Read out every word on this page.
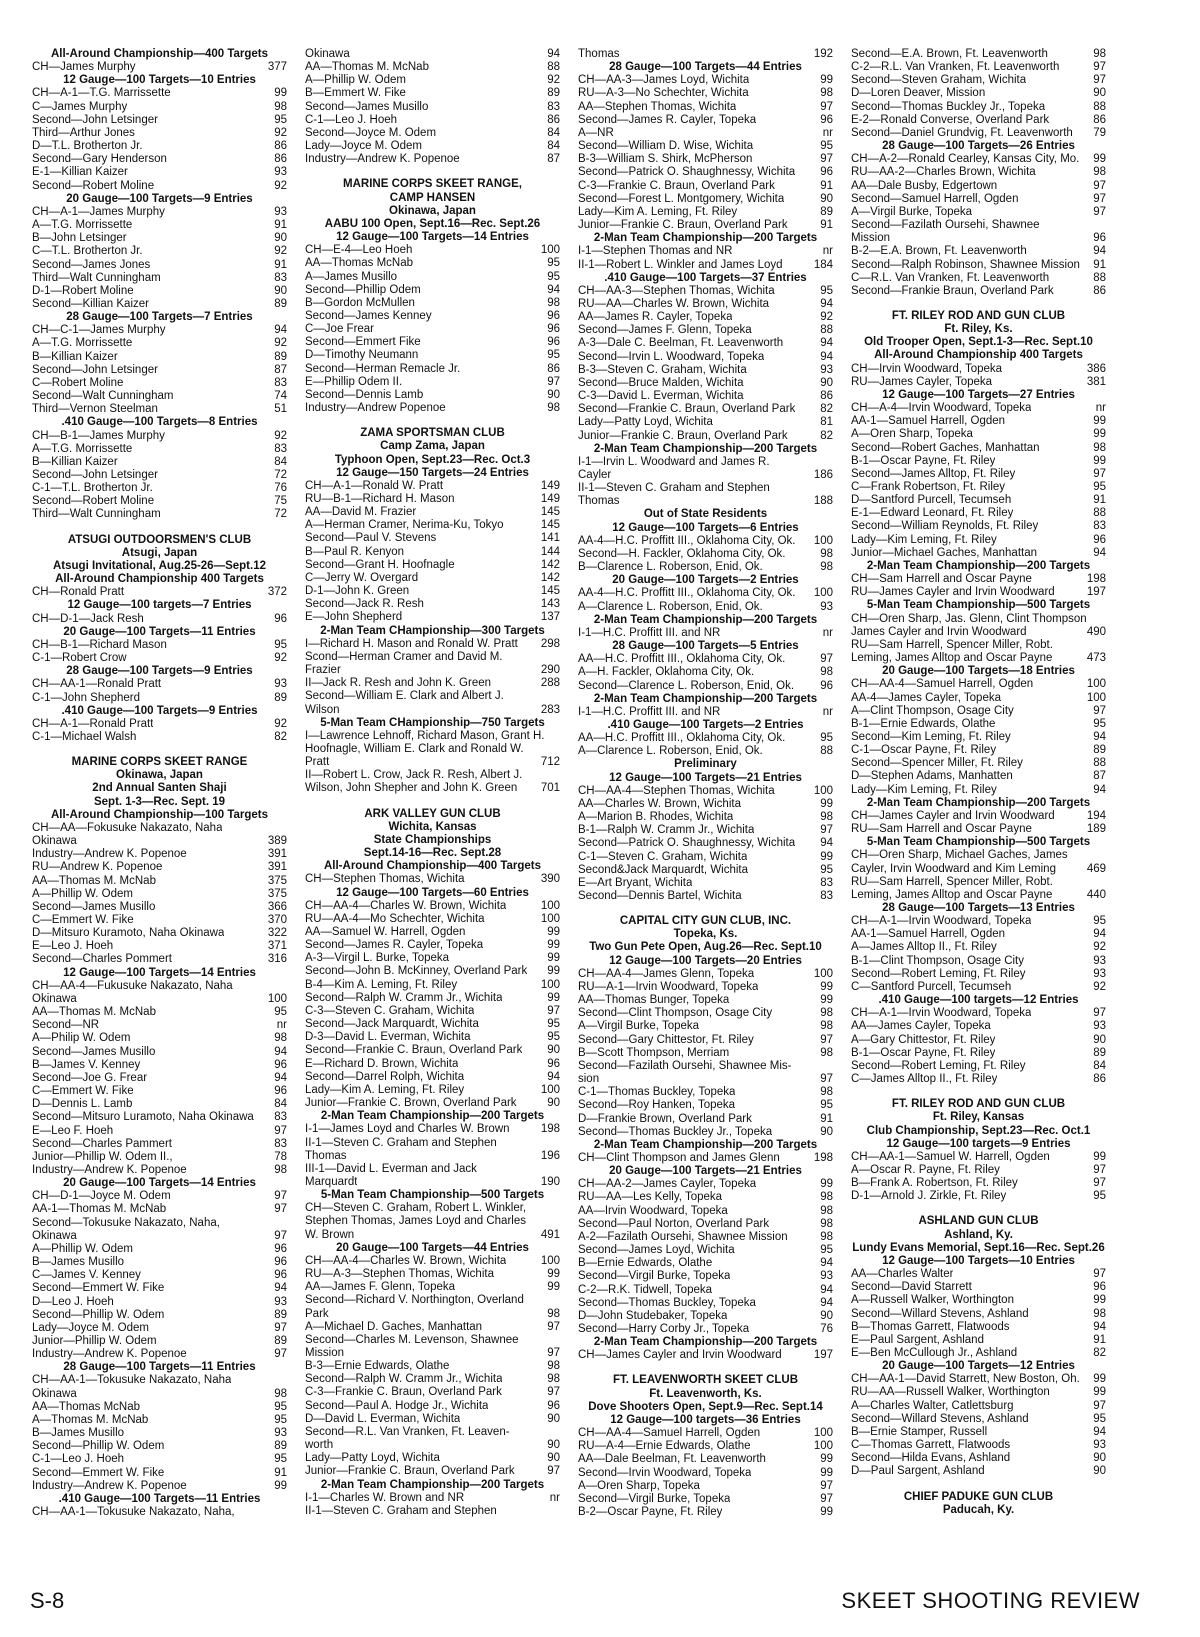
All-Around Championship—400 Targets
CH—James Murphy	377
12 Gauge—100 Targets—10 Entries
CH—A-1—T.G. Marrissette	99
C—James Murphy	98
Second—John Letsinger	95
Third—Arthur Jones	92
D—T.L. Brotherton Jr.	86
Second—Gary Henderson	86
E-1—Killian Kaizer	93
Second—Robert Moline	92
20 Gauge—100 Targets—9 Entries
CH—A-1—James Murphy	93
A—T.G. Morrissette	91
B—John Letsinger	90
C—T.L. Brotherton Jr.	92
Second—James Jones	91
Third—Walt Cunningham	83
D-1—Robert Moline	90
Second—Killian Kaizer	89
28 Gauge—100 Targets—7 Entries
CH—C-1—James Murphy	94
A—T.G. Morrissette	92
B—Killian Kaizer	89
Second—John Letsinger	87
C—Robert Moline	83
Second—Walt Cunningham	74
Third—Vernon Steelman	51
.410 Gauge—100 Targets—8 Entries
CH—B-1—James Murphy	92
A—T.G. Morrissette	83
B—Killian Kaizer	84
Second—John Letsinger	72
C-1—T.L. Brotherton Jr.	76
Second—Robert Moline	75
Third—Walt Cunningham	72
ATSUGI OUTDOORSMEN'S CLUB
Atsugi, Japan
Atsugi Invitational, Aug.25-26—Sept.12
All-Around Championship 400 Targets
CH—Ronald Pratt	372
12 Gauge—100 targets—7 Entries
CH—D-1—Jack Resh	96
20 Gauge—100 Targets—11 Entries
CH—B-1—Richard Mason	95
C-1—Robert Crow	92
28 Gauge—100 Targets—9 Entries
CH—AA-1—Ronald Pratt	93
C-1—John Shepherd	89
.410 Gauge—100 Targets—9 Entries
CH—A-1—Ronald Pratt	92
C-1—Michael Walsh	82
MARINE CORPS SKEET RANGE
Okinawa, Japan
2nd Annual Santen Shaji
Sept. 1-3—Rec. Sept. 19
All-Around Championship—100 Targets
CH—AA—Fokusuke Nakazato, Naha
Okinawa	389
Industry—Andrew K. Popenoe	391
RU—Andrew K. Popenoe	391
AA—Thomas M. McNab	375
A—Phillip W. Odem	375
Second—James Musillo	366
C—Emmert W. Fike	370
D—Mitsuro Kuramoto, Naha Okinawa	322
E—Leo J. Hoeh	371
Second—Charles Pommert	316
12 Gauge—100 Targets—14 Entries
CH—AA-4—Fukusuke Nakazato, Naha
Okinawa	100
AA—Thomas M. McNab	95
Second—NR	nr
A—Philip W. Odem	98
Second—James Musillo	94
B—James V. Kenney	96
Second—Joe G. Frear	94
C—Emmert W. Fike	96
D—Dennis L. Lamb	84
Second—Mitsuro Luramoto, Naha Okinawa	83
E—Leo F. Hoeh	97
Second—Charles Pammert	83
Junior—Phillip W. Odem II.,	78
Industry—Andrew K. Popenoe	98
20 Gauge—100 Targets—14 Entries
CH—D-1—Joyce M. Odem	97
AA-1—Thomas M. McNab	97
Second—Tokusuke Nakazato, Naha,
Okinawa	97
A—Phillip W. Odem	96
B—James Musillo	96
C—James V. Kenney	96
Second—Emmert W. Fike	94
D—Leo J. Hoeh	93
Second—Phillip W. Odem	89
Lady—Joyce M. Odem	97
Junior—Phillip W. Odem	89
Industry—Andrew K. Popenoe	97
28 Gauge—100 Targets—11 Entries
CH—AA-1—Tokusuke Nakazato, Naha
Okinawa	98
AA—Thomas McNab	95
A—Thomas M. McNab	95
B—James Musillo	93
Second—Phillip W. Odem	89
C-1—Leo J. Hoeh	95
Second—Emmert W. Fike	91
Industry—Andrew K. Popenoe	99
.410 Gauge—100 Targets—11 Entries
CH—AA-1—Tokusuke Nakazato, Naha,
Okinawa	94
AA—Thomas M. McNab	88
A—Phillip W. Odem	92
B—Emmert W. Fike	89
Second—James Musillo	83
C-1—Leo J. Hoeh	86
Second—Joyce M. Odem	84
Lady—Joyce M. Odem	84
Industry—Andrew K. Popenoe	87
MARINE CORPS SKEET RANGE,
CAMP HANSEN
Okinawa, Japan
AABU 100 Open, Sept.16—Rec. Sept.26
12 Gauge—100 Targets—14 Entries
CH—E-4—Leo Hoeh	100
AA—Thomas McNab	95
A—James Musillo	95
Second—Phillip Odem	94
B—Gordon McMullen	98
Second—James Kenney	96
C—Joe Frear	96
Second—Emmert Fike	96
D—Timothy Neumann	95
Second—Herman Remacle Jr.	86
E—Phillip Odem II.	97
Second—Dennis Lamb	90
Industry—Andrew Popenoe	98
ZAMA SPORTSMAN CLUB
Camp Zama, Japan
Typhoon Open, Sept.23—Rec. Oct.3
12 Gauge—150 Targets—24 Entries
CH—A-1—Ronald W. Pratt	149
RU—B-1—Richard H. Mason	149
AA—David M. Frazier	145
A—Herman Cramer, Nerima-Ku, Tokyo	145
Second—Paul V. Stevens	141
B—Paul R. Kenyon	144
Second—Grant H. Hoofnagle	142
C—Jerry W. Overgard	142
D-1—John K. Green	145
Second—Jack R. Resh	143
E—John Shepherd	137
2-Man Team CHampionship—300 Targets
I—Richard H. Mason and Ronald W. Pratt	298
Scond—Herman Cramer and David M.
Frazier	290
II—Jack R. Resh and John K. Green	288
Second—William E. Clark and Albert J.
Wilson	283
5-Man Team CHampionship—750 Targets
I—Lawrence Lehnoff, Richard Mason, Grant H.
Hoofnagle, William E. Clark and Ronald W.
Pratt	712
II—Robert L. Crow, Jack R. Resh, Albert J.
Wilson, John Shepher and John K. Green	701
ARK VALLEY GUN CLUB
Wichita, Kansas
State Championships
Sept.14-16—Rec. Sept.28
All-Around Championship—400 Targets
CH—Stephen Thomas, Wichita	390
12 Gauge—100 Targets—60 Entries
CH—AA-4—Charles W. Brown, Wichita	100
RU—AA-4—Mo Schechter, Wichita	100
AA—Samuel W. Harrell, Ogden	99
Second—James R. Cayler, Topeka	99
A-3—Virgil L. Burke, Topeka	99
Second—John B. McKinney, Overland Park	99
B-4—Kim A. Leming, Ft. Riley	100
Second—Ralph W. Cramm Jr., Wichita	99
C-3—Steven C. Graham, Wichita	97
Second—Jack Marquardt, Wichita	95
D-3—David L. Everman, Wichita	95
Second—Frankie C. Braun, Overland Park	90
E—Richard D. Brown, Wichita	96
Second—Darrel Rolph, Wichita	94
Lady—Kim A. Leming, Ft. Riley	100
Junior—Frankie C. Brown, Overland Park	90
2-Man Team Championship—200 Targets
I-1—James Loyd and Charles W. Brown	198
II-1—Steven C. Graham and Stephen
Thomas	196
III-1—David L. Everman and Jack
Marquardt	190
5-Man Team Championship—500 Targets
CH—Steven C. Graham, Robert L. Winkler,
Stephen Thomas, James Loyd and Charles
W. Brown	491
20 Gauge—100 Targets—44 Entries
CH—AA-4—Charles W. Brown, Wichita	100
RU—A-3—Stephen Thomas, Wichita	99
AA—James F. Glenn, Topeka	99
Second—Richard V. Northington, Overland
Park	98
A—Michael D. Gaches, Manhattan	97
Second—Charles M. Levenson, Shawnee
Mission	97
B-3—Ernie Edwards, Olathe	98
Second—Ralph W. Cramm Jr., Wichita	98
C-3—Frankie C. Braun, Overland Park	97
Second—Paul A. Hodge Jr., Wichita	96
D—David L. Everman, Wichita	90
Second—R.L. Van Vranken, Ft. Leaven-
worth	90
Lady—Patty Loyd, Wichita	90
Junior—Frankie C. Braun, Overland Park	97
2-Man Team Championship—200 Targets
I-1—Charles W. Brown and NR	nr
II-1—Steven C. Graham and Stephen
Thomas	192
28 Gauge—100 Targets—44 Entries
CH—AA-3—James Loyd, Wichita	99
RU—A-3—No Schechter, Wichita	98
AA—Stephen Thomas, Wichita	97
Second—James R. Cayler, Topeka	96
A—NR	nr
Second—William D. Wise, Wichita	95
B-3—William S. Shirk, McPherson	97
Second—Patrick O. Shaughnessy, Wichita	96
C-3—Frankie C. Braun, Overland Park	91
Second—Forest L. Montgomery, Wichita	90
Lady—Kim A. Leming, Ft. Riley	89
Junior—Frankie C. Braun, Overland Park	91
2-Man Team Championship—200 Targets
I-1—Stephen Thomas and NR	nr
II-1—Robert L. Winkler and James Loyd	184
.410 Gauge—100 Targets—37 Entries
CH—AA-3—Stephen Thomas, Wichita	95
RU—AA—Charles W. Brown, Wichita	94
AA—James R. Cayler, Topeka	92
Second—James F. Glenn, Topeka	88
A-3—Dale C. Beelman, Ft. Leavenworth	94
Second—Irvin L. Woodward, Topeka	94
B-3—Steven C. Graham, Wichita	93
Second—Bruce Malden, Wichita	90
C-3—David L. Everman, Wichita	86
Second—Frankie C. Braun, Overland Park	82
Lady—Patty Loyd, Wichita	81
Junior—Frankie C. Braun, Overland Park	82
2-Man Team Championship—200 Targets
I-1—Irvin L. Woodward and James R.
Cayler	186
II-1—Steven C. Graham and Stephen
Thomas	188
Out of State Residents
12 Gauge—100 Targets—6 Entries
AA-4—H.C. Proffitt III., Oklahoma City, Ok.	100
Second—H. Fackler, Oklahoma City, Ok.	98
B—Clarence L. Roberson, Enid, Ok.	98
20 Gauge—100 Targets—2 Entries
AA-4—H.C. Proffitt III., Oklahoma City, Ok.	100
A—Clarence L. Roberson, Enid, Ok.	93
2-Man Team Championship—200 Targets
I-1—H.C. Proffitt III. and NR	nr
28 Gauge—100 Targets—5 Entries
AA—H.C. Proffitt III., Oklahoma City, Ok.	97
A—H. Fackler, Oklahoma City, Ok.	98
Second—Clarence L. Roberson, Enid, Ok.	96
2-Man Team Championship—200 Targets
I-1—H.C. Proffitt III. and NR	nr
.410 Gauge—100 Targets—2 Entries
AA—H.C. Proffitt III., Oklahoma City, Ok.	95
A—Clarence L. Roberson, Enid, Ok.	88
Preliminary
12 Gauge—100 Targets—21 Entries
CH—AA-4—Stephen Thomas, Wichita	100
AA—Charles W. Brown, Wichita	99
A—Marion B. Rhodes, Wichita	98
B-1—Ralph W. Cramm Jr., Wichita	97
Second—Patrick O. Shaughnessy, Wichita	94
C-1—Steven C. Graham, Wichita	99
Second&Jack Marquardt, Wichita	95
E—Art Bryant, Wichita	83
Second—Dennis Bartel, Wichita	83
CAPITAL CITY GUN CLUB, INC.
Topeka, Ks.
Two Gun Pete Open, Aug.26—Rec. Sept.10
12 Gauge—100 Targets—20 Entries
CH—AA-4—James Glenn, Topeka	100
RU—A-1—Irvin Woodward, Topeka	99
AA—Thomas Bunger, Topeka	99
Second—Clint Thompson, Osage City	98
A—Virgil Burke, Topeka	98
Second—Gary Chittestor, Ft. Riley	97
B—Scott Thompson, Merriam	98
Second—Fazilath Oursehi, Shawnee Mis-
sion	97
C-1—Thomas Buckley, Topeka	98
Second—Roy Hanken, Topeka	95
D—Frankie Brown, Overland Park	91
Second—Thomas Buckley Jr., Topeka	90
2-Man Team Championship—200 Targets
CH—Clint Thompson and James Glenn	198
20 Gauge—100 Targets—21 Entries
CH—AA-2—James Cayler, Topeka	99
RU—AA—Les Kelly, Topeka	98
AA—Irvin Woodward, Topeka	98
Second—Paul Norton, Overland Park	98
A-2—Fazilath Oursehi, Shawnee Mission	98
Second—James Loyd, Wichita	95
B—Ernie Edwards, Olathe	94
Second—Virgil Burke, Topeka	93
C-2—R.K. Tidwell, Topeka	94
Second—Thomas Buckley, Topeka	94
D—John Studebaker, Topeka	90
Second—Harry Corby Jr., Topeka	76
2-Man Team Championship—200 Targets
CH—James Cayler and Irvin Woodward	197
FT. LEAVENWORTH SKEET CLUB
Ft. Leavenworth, Ks.
Dove Shooters Open, Sept.9—Rec. Sept.14
12 Gauge—100 targets—36 Entries
CH—AA-4—Samuel Harrell, Ogden	100
RU—A-4—Ernie Edwards, Olathe	100
AA—Dale Beelman, Ft. Leavenworth	99
Second—Irvin Woodward, Topeka	99
A—Oren Sharp, Topeka	97
Second—Virgil Burke, Topeka	97
B-2—Oscar Payne, Ft. Riley	99
Second—E.A. Brown, Ft. Leavenworth	98
C-2—R.L. Van Vranken, Ft. Leavenworth	97
Second—Steven Graham, Wichita	97
D—Loren Deaver, Mission	90
Second—Thomas Buckley Jr., Topeka	88
E-2—Ronald Converse, Overland Park	86
Second—Daniel Grundvig, Ft. Leavenworth	79
28 Gauge—100 Targets—26 Entries
CH—A-2—Ronald Cearley, Kansas City, Mo.	99
RU—AA-2—Charles Brown, Wichita	98
AA—Dale Busby, Edgertown	97
Second—Samuel Harrell, Ogden	97
A—Virgil Burke, Topeka	97
Second—Fazilath Oursehi, Shawnee
Mission	96
B-2—E.A. Brown, Ft. Leavenworth	94
Second—Ralph Robinson, Shawnee Mission	91
C—R.L. Van Vranken, Ft. Leavenworth	88
Second—Frankie Braun, Overland Park	86
FT. RILEY ROD AND GUN CLUB
Ft. Riley, Ks.
Old Trooper Open, Sept.1-3—Rec. Sept.10
All-Around Championship 400 Targets
CH—Irvin Woodward, Topeka	386
RU—James Cayler, Topeka	381
12 Gauge—100 Targets—27 Entries
CH—A-4—Irvin Woodward, Topeka	nr
AA-1—Samuel Harrell, Ogden	99
A—Oren Sharp, Topeka	99
Second—Robert Gaches, Manhattan	98
B-1—Oscar Payne, Ft. Riley	99
Second—James Alltop, Ft. Riley	97
C—Frank Robertson, Ft. Riley	95
D—Santford Purcell, Tecumseh	91
E-1—Edward Leonard, Ft. Riley	88
Second—William Reynolds, Ft. Riley	83
Lady—Kim Leming, Ft. Riley	96
Junior—Michael Gaches, Manhattan	94
2-Man Team Championship—200 Targets
CH—Sam Harrell and Oscar Payne	198
RU—James Cayler and Irvin Woodward	197
5-Man Team Championship—500 Targets
CH—Oren Sharp, Jas. Glenn, Clint Thompson
James Cayler and Irvin Woodward	490
RU—Sam Harrell, Spencer Miller, Robt.
Leming, James Alltop and Oscar Payne	473
20 Gauge—100 Targets—18 Entries
CH—AA-4—Samuel Harrell, Ogden	100
AA-4—James Cayler, Topeka	100
A—Clint Thompson, Osage City	97
B-1—Ernie Edwards, Olathe	95
Second—Kim Leming, Ft. Riley	94
C-1—Oscar Payne, Ft. Riley	89
Second—Spencer Miller, Ft. Riley	88
D—Stephen Adams, Manhatten	87
Lady—Kim Leming, Ft. Riley	94
2-Man Team Championship—200 Targets
CH—James Cayler and Irvin Woodward	194
RU—Sam Harrell and Oscar Payne	189
5-Man Team Championship—500 Targets
CH—Oren Sharp, Michael Gaches, James
Cayler, Irvin Woodward and Kim Leming	469
RU—Sam Harrell, Spencer Miller, Robt.
Leming, James Alltop and Oscar Payne	440
28 Gauge—100 Targets—13 Entries
CH—A-1—Irvin Woodward, Topeka	95
AA-1—Samuel Harrell, Ogden	94
A—James Alltop II., Ft. Riley	92
B-1—Clint Thompson, Osage City	93
Second—Robert Leming, Ft. Riley	93
C—Santford Purcell, Tecumseh	92
.410 Gauge—100 targets—12 Entries
CH—A-1—Irvin Woodward, Topeka	97
AA—James Cayler, Topeka	93
A—Gary Chittestor, Ft. Riley	90
B-1—Oscar Payne, Ft. Riley	89
Second—Robert Leming, Ft. Riley	84
C—James Alltop II., Ft. Riley	86
FT. RILEY ROD AND GUN CLUB
Ft. Riley, Kansas
Club Championship, Sept.23—Rec. Oct.1
12 Gauge—100 targets—9 Entries
CH—AA-1—Samuel W. Harrell, Ogden	99
A—Oscar R. Payne, Ft. Riley	97
B—Frank A. Robertson, Ft. Riley	97
D-1—Arnold J. Zirkle, Ft. Riley	95
ASHLAND GUN CLUB
Ashland, Ky.
Lundy Evans Memorial, Sept.16—Rec. Sept.26
12 Gauge—100 Targets—10 Entries
AA—Charles Walter	97
Second—David Starrett	96
A—Russell Walker, Worthington	99
Second—Willard Stevens, Ashland	98
B—Thomas Garrett, Flatwoods	94
E—Paul Sargent, Ashland	91
E—Ben McCullough Jr., Ashland	82
20 Gauge—100 Targets—12 Entries
CH—AA-1—David Starrett, New Boston, Oh.	99
RU—AA—Russell Walker, Worthington	99
A—Charles Walter, Catlettsburg	97
Second—Willard Stevens, Ashland	95
B—Ernie Stamper, Russell	94
C—Thomas Garrett, Flatwoods	93
Second—Hilda Evans, Ashland	90
D—Paul Sargent, Ashland	90
CHIEF PADUKE GUN CLUB
Paducah, Ky.
S-8	SKEET SHOOTING REVIEW
